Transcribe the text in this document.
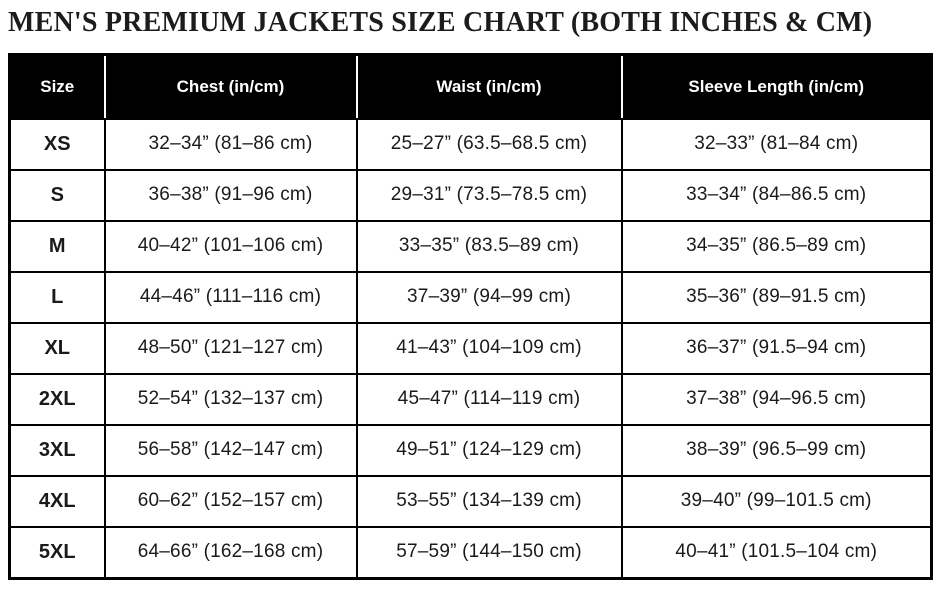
MEN'S PREMIUM JACKETS SIZE CHART (BOTH INCHES & CM)
Size	Chest (in/cm)	Waist (in/cm)	Sleeve Length (in/cm)
XS	32–34” (81–86 cm)	25–27” (63.5–68.5 cm)	32–33” (81–84 cm)
S	36–38” (91–96 cm)	29–31” (73.5–78.5 cm)	33–34” (84–86.5 cm)
M	40–42” (101–106 cm)	33–35” (83.5–89 cm)	34–35” (86.5–89 cm)
L	44–46” (111–116 cm)	37–39” (94–99 cm)	35–36” (89–91.5 cm)
XL	48–50” (121–127 cm)	41–43” (104–109 cm)	36–37” (91.5–94 cm)
2XL	52–54” (132–137 cm)	45–47” (114–119 cm)	37–38” (94–96.5 cm)
3XL	56–58” (142–147 cm)	49–51” (124–129 cm)	38–39” (96.5–99 cm)
4XL	60–62” (152–157 cm)	53–55” (134–139 cm)	39–40” (99–101.5 cm)
5XL	64–66” (162–168 cm)	57–59” (144–150 cm)	40–41” (101.5–104 cm)
